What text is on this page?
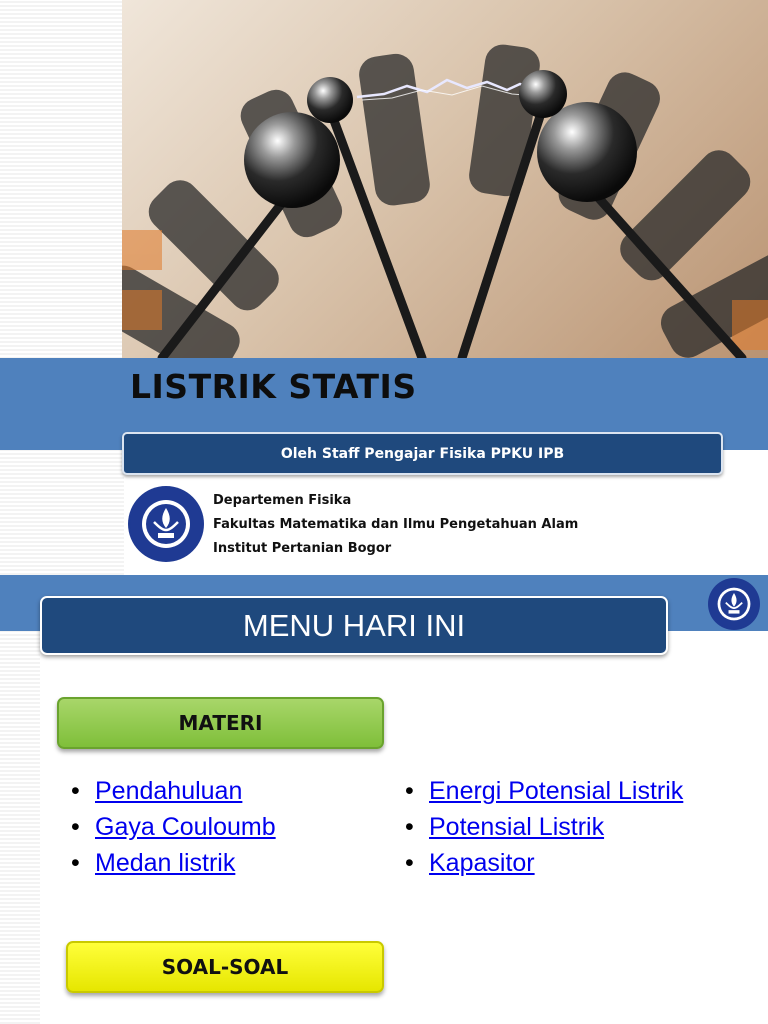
LISTRIK STATIS
Oleh Staff Pengajar Fisika PPKU IPB
Departemen Fisika
Fakultas Matematika dan Ilmu Pengetahuan Alam
Institut Pertanian Bogor
MENU HARI INI
MATERI
• Pendahuluan
• Gaya Couloumb
• Medan listrik
• Energi Potensial Listrik
• Potensial Listrik
• Kapasitor
SOAL-SOAL
